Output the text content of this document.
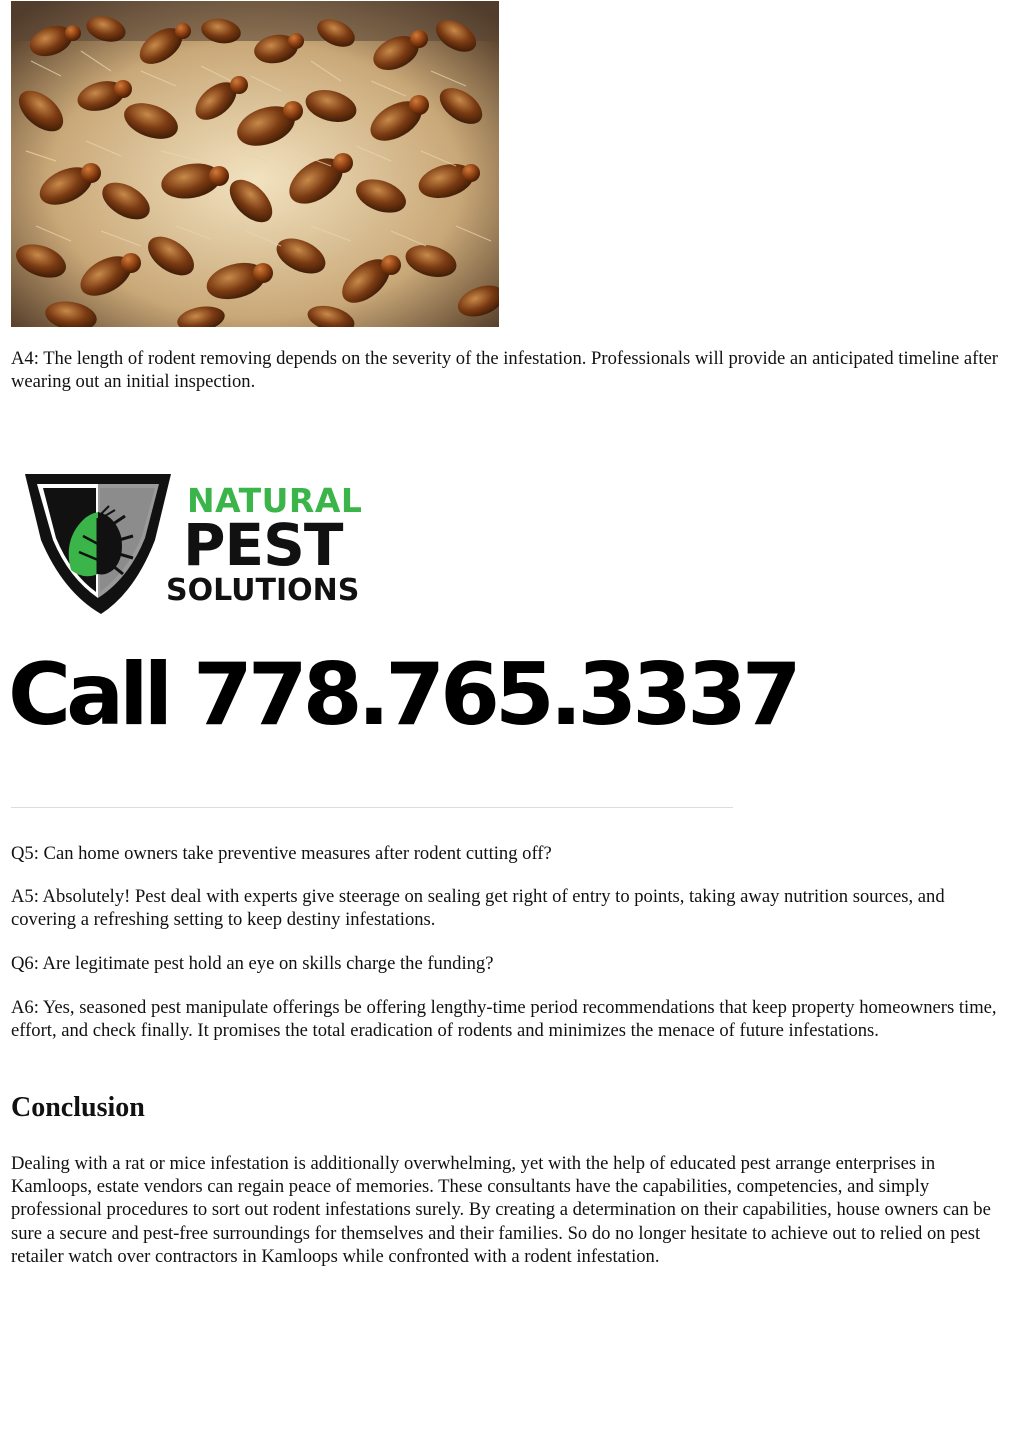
A4: The length of rodent removing depends on the severity of the infestation. Professionals will provide an anticipated timeline after wearing out an initial inspection.

NATURAL

PEST

SOLUTIONS

Call 778.765.3337

Q5: Can home owners take preventive measures after rodent cutting off?

A5: Absolutely! Pest deal with experts give steerage on sealing get right of entry to points, taking away nutrition sources, and covering a refreshing setting to keep destiny infestations.

Q6: Are legitimate pest hold an eye on skills charge the funding?

A6: Yes, seasoned pest manipulate offerings be offering lengthy-time period recommendations that keep property homeowners time, effort, and check finally. It promises the total eradication of rodents and minimizes the menace of future infestations.

Conclusion

Dealing with a rat or mice infestation is additionally overwhelming, yet with the help of educated pest arrange enterprises in Kamloops, estate vendors can regain peace of memories. These consultants have the capabilities, competencies, and simply professional procedures to sort out rodent infestations surely. By creating a determination on their capabilities, house owners can be sure a secure and pest-free surroundings for themselves and their families. So do no longer hesitate to achieve out to relied on pest retailer watch over contractors in Kamloops while confronted with a rodent infestation.
